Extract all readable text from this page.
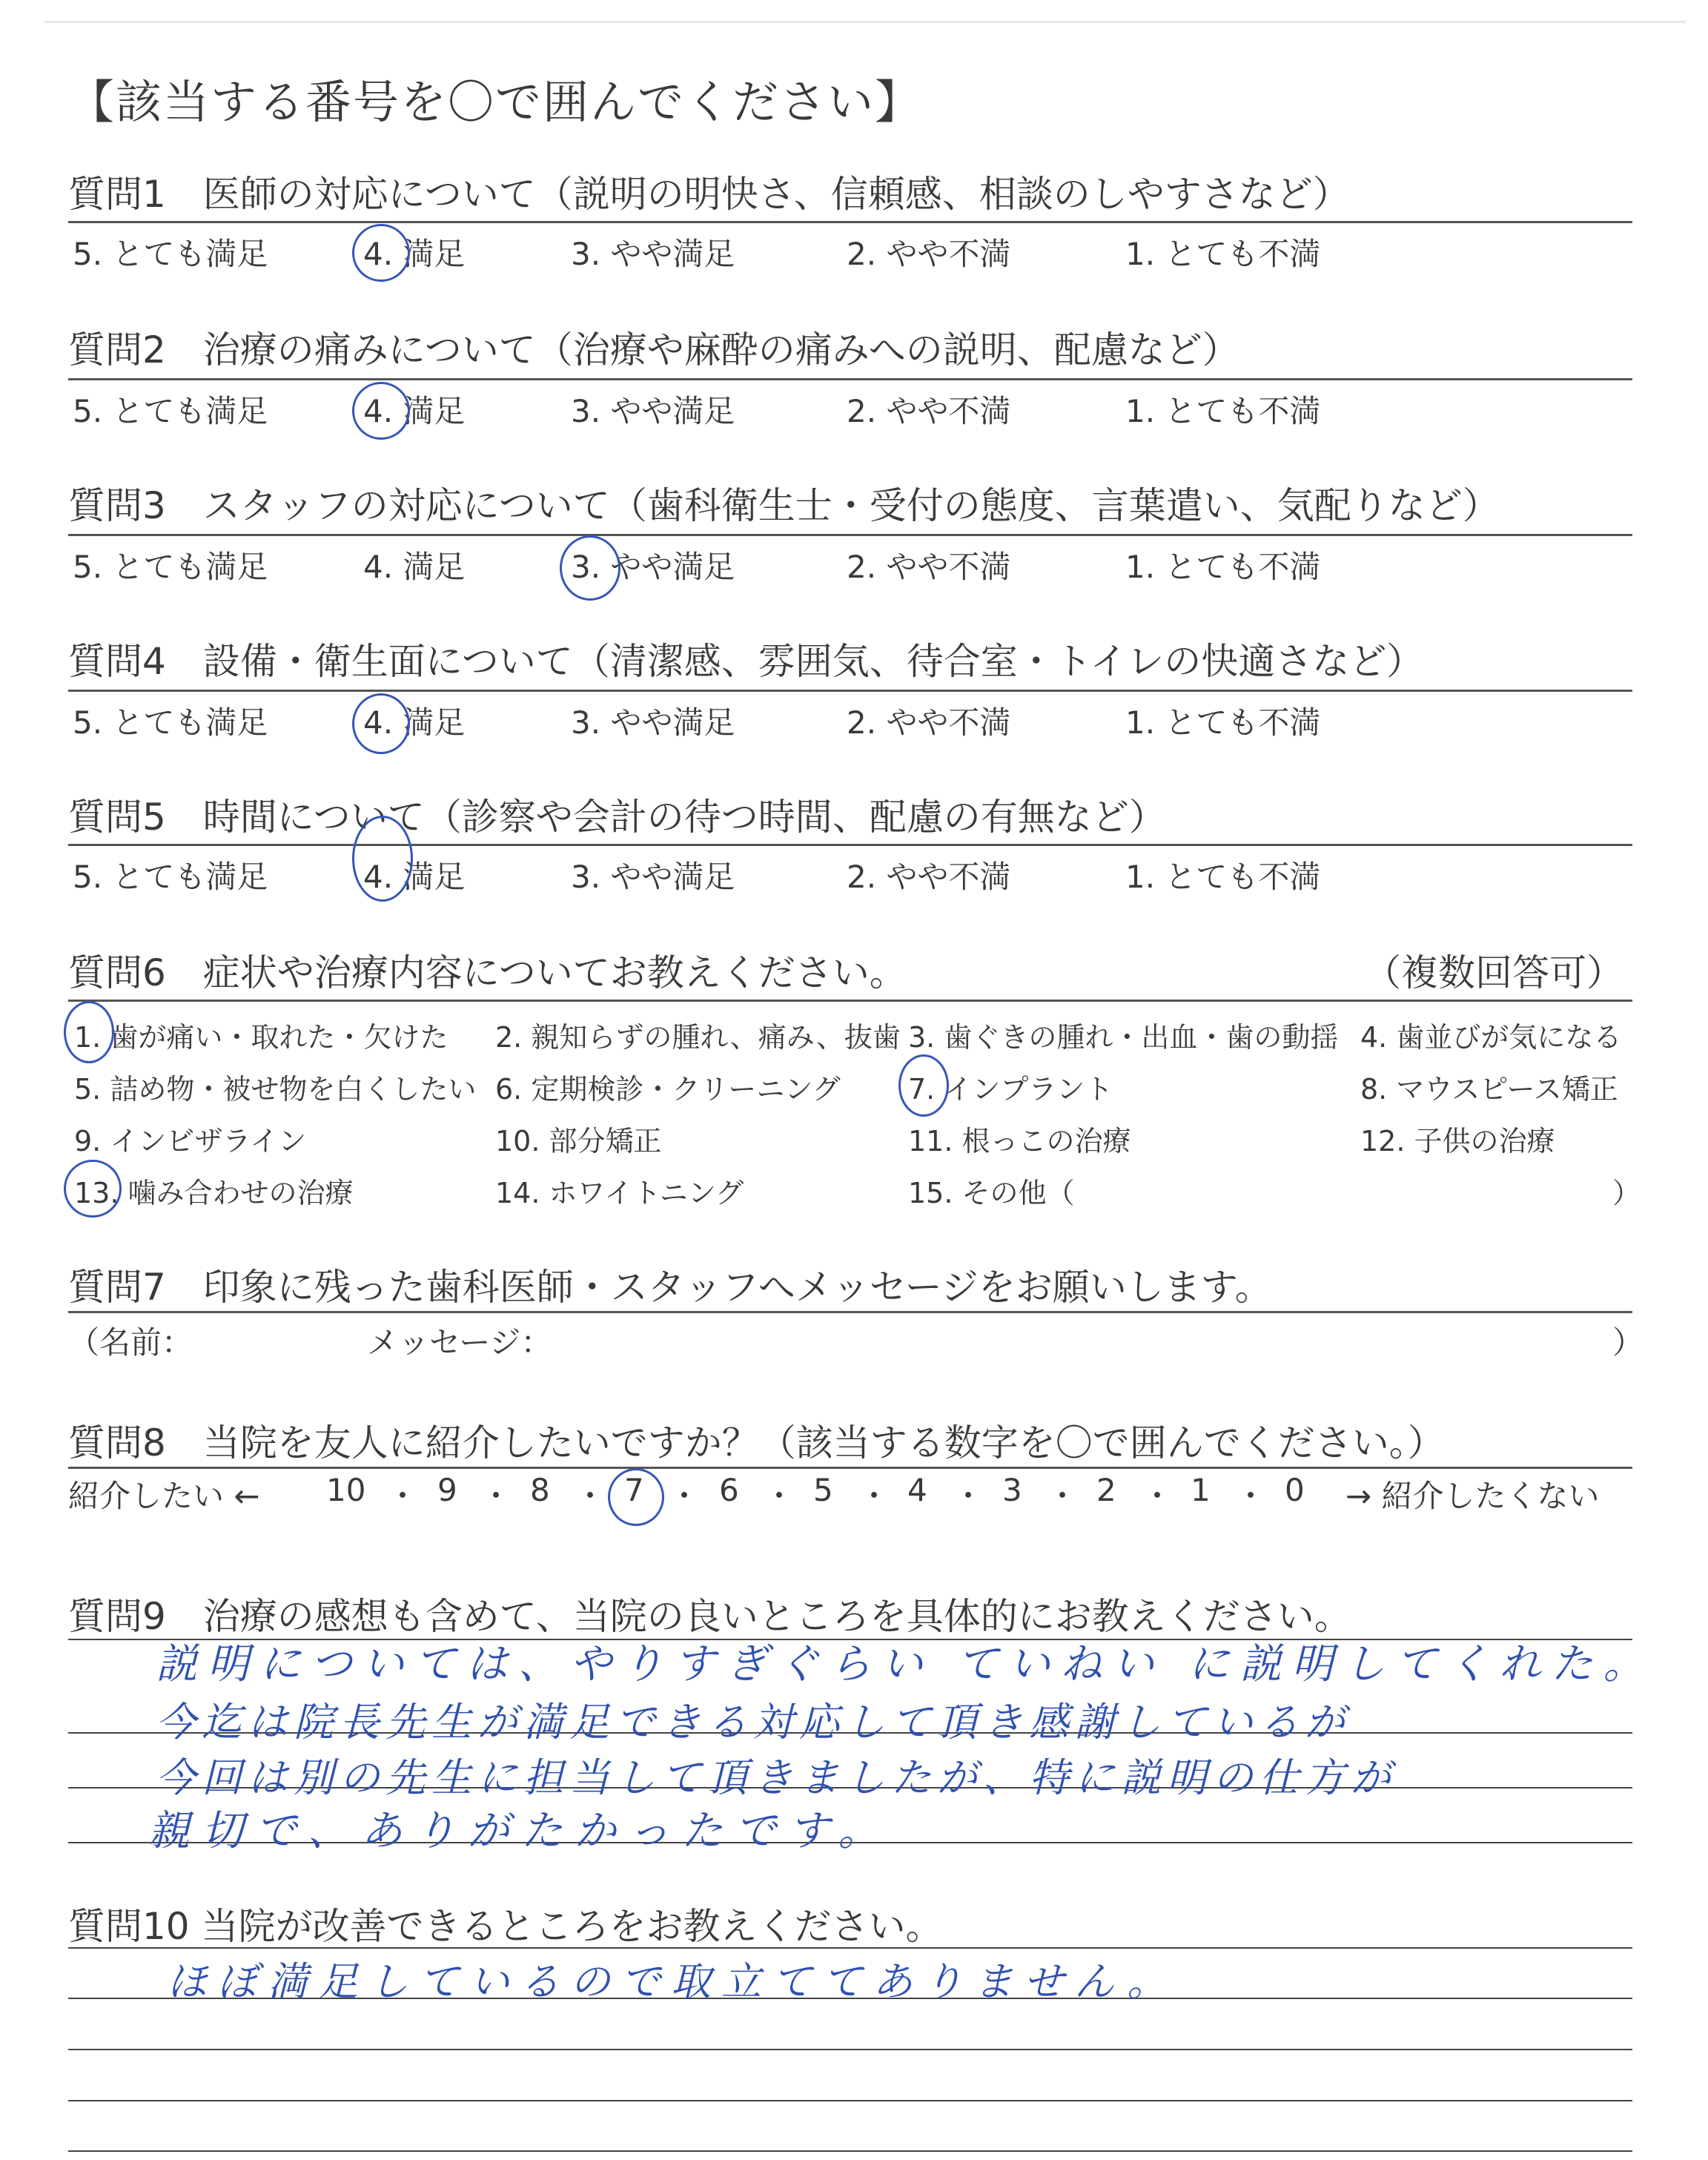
【該当する番号を〇で囲んでください】
質問1　医師の対応について（説明の明快さ、信頼感、相談のしやすさなど）
5. とても満足	4. 満足	3. やや満足	2. やや不満	1. とても不満
質問2　治療の痛みについて（治療や麻酔の痛みへの説明、配慮など）
5. とても満足	4. 満足	3. やや満足	2. やや不満	1. とても不満
質問3　スタッフの対応について（歯科衛生士・受付の態度、言葉遣い、気配りなど）
5. とても満足	4. 満足	3. やや満足	2. やや不満	1. とても不満
質問4　設備・衛生面について（清潔感、雰囲気、待合室・トイレの快適さなど）
5. とても満足	4. 満足	3. やや満足	2. やや不満	1. とても不満
質問5　時間について（診察や会計の待つ時間、配慮の有無など）
5. とても満足	4. 満足	3. やや満足	2. やや不満	1. とても不満
質問6　症状や治療内容についてお教えください。	（複数回答可）
1. 歯が痛い・取れた・欠けた 2. 親知らずの腫れ、痛み、抜歯 3. 歯ぐきの腫れ・出血・歯の動揺 4. 歯並びが気になる
5. 詰め物・被せ物を白くしたい 6. 定期検診・クリーニング 7. インプラント	8. マウスピース矯正
9. インビザライン	10. 部分矯正	11. 根っこの治療	12. 子供の治療
13. 噛み合わせの治療	14. ホワイトニング	15. その他（	）
質問7　印象に残った歯科医師・スタッフへメッセージをお願いします。
（名前：	メッセージ：	）
質問8　当院を友人に紹介したいですか？（該当する数字を〇で囲んでください。）
紹介したい ← 10 ・ 9 ・ 8 ・ 7 ・ 6 ・ 5 ・ 4 ・ 3 ・ 2 ・ 1 ・ 0 → 紹介したくない
質問9　治療の感想も含めて、当院の良いところを具体的にお教えください。
説明については、やりすぎぐらい ていねい に説明してくれた。
今迄は院長先生が満足できる対応して頂き感謝しているが
今回は別の先生に担当して頂きましたが、特に説明の仕方が
親切で、ありがたかったです。
質問10 当院が改善できるところをお教えください。
ほぼ満足しているので取立ててありません。
